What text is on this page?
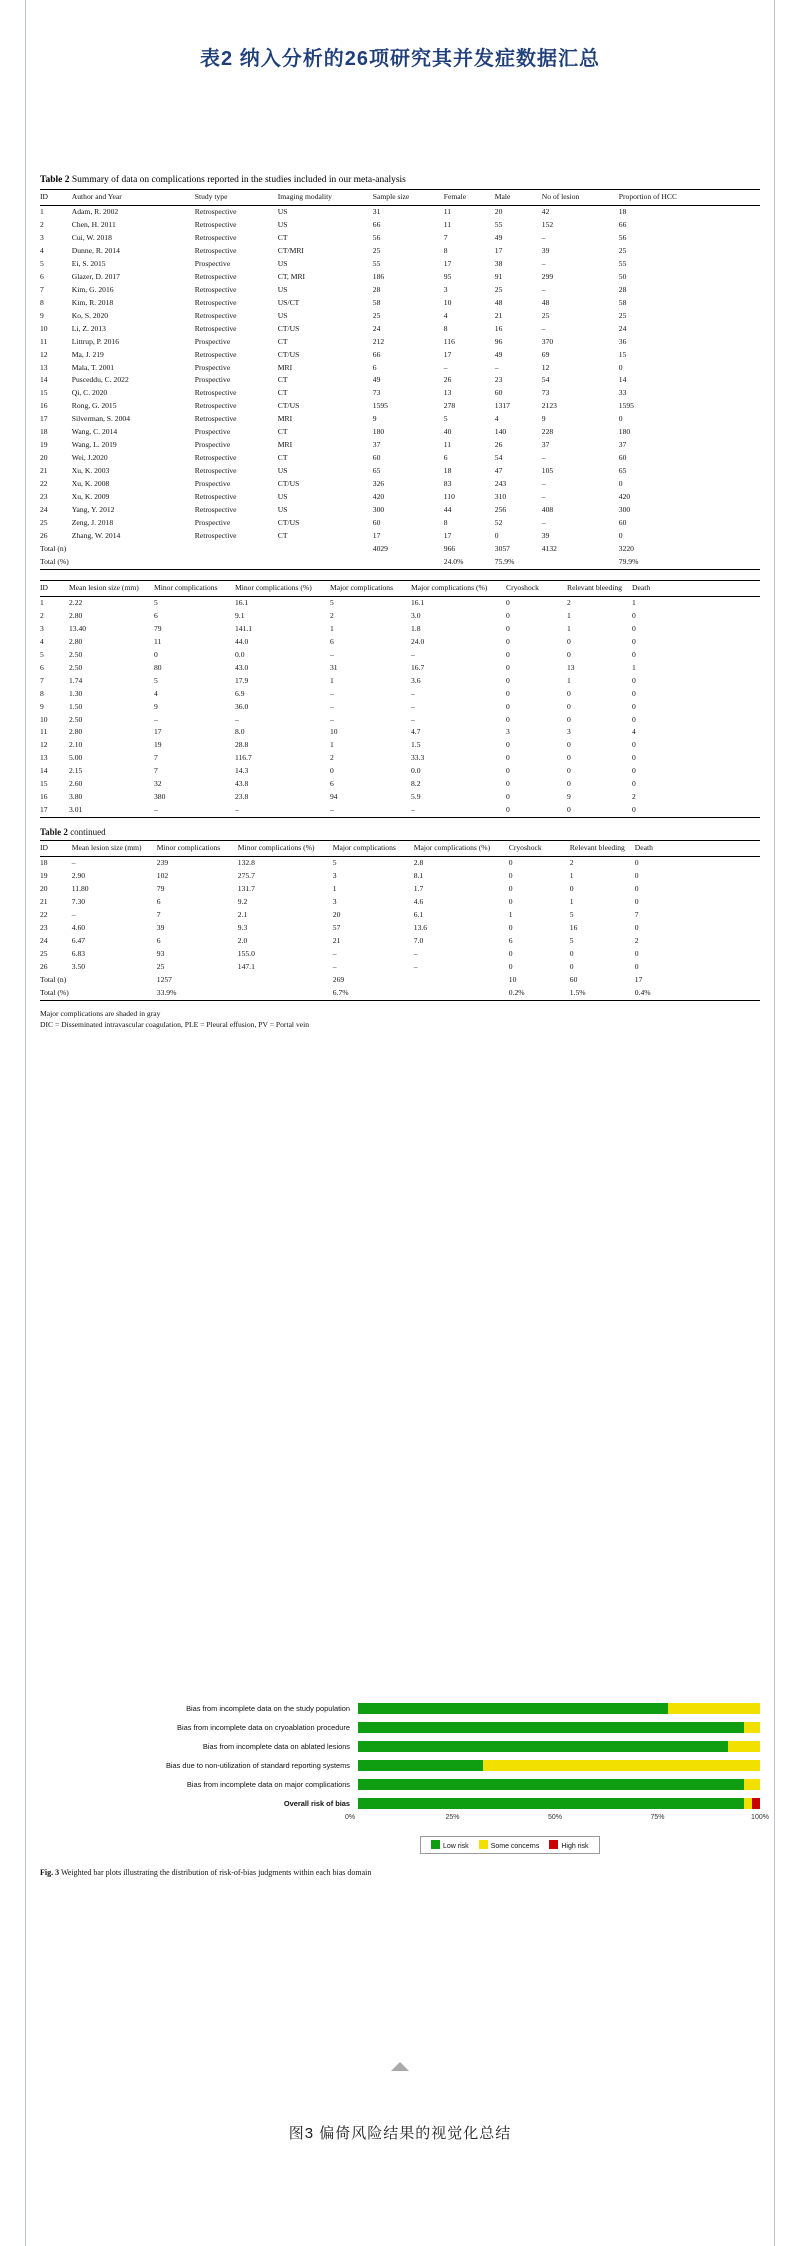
表2 纳入分析的26项研究其并发症数据汇总
Table 2 Summary of data on complications reported in the studies included in our meta-analysis
ID	Author and Year	Study type	Imaging modality	Sample size	Female	Male	No of lesion	Proportion of HCC
1	Adam, R. 2002	Retrospective	US	31	11	20	42	18
2	Chen, H. 2011	Retrospective	US	66	11	55	152	66
3	Cui, W. 2018	Retrospective	CT	56	7	49	–	56
4	Dunne, R. 2014	Retrospective	CT/MRI	25	8	17	39	25
5	Ei, S. 2015	Prospective	US	55	17	38	–	55
6	Glazer, D. 2017	Retrospective	CT, MRI	186	95	91	299	50
7	Kim, G. 2016	Retrospective	US	28	3	25	–	28
8	Kim, R. 2018	Retrospective	US/CT	58	10	48	48	58
9	Ko, S. 2020	Retrospective	US	25	4	21	25	25
10	Li, Z. 2013	Retrospective	CT/US	24	8	16	–	24
11	Littrup, P. 2016	Prospective	CT	212	116	96	370	36
12	Ma, J. 219	Retrospective	CT/US	66	17	49	69	15
13	Mala, T. 2001	Prospective	MRI	6	–	–	12	0
14	Pusceddu, C. 2022	Prospective	CT	49	26	23	54	14
15	Qi, C. 2020	Retrospective	CT	73	13	60	73	33
16	Rong, G. 2015	Retrospective	CT/US	1595	278	1317	2123	1595
17	Silverman, S. 2004	Retrospective	MRI	9	5	4	9	0
18	Wang, C. 2014	Prospective	CT	180	40	140	228	180
19	Wang, L. 2019	Prospective	MRI	37	11	26	37	37
20	Wei, J.2020	Retrospective	CT	60	6	54	–	60
21	Xu, K. 2003	Retrospective	US	65	18	47	105	65
22	Xu, K. 2008	Prospective	CT/US	326	83	243	–	0
23	Xu, K. 2009	Retrospective	US	420	110	310	–	420
24	Yang, Y. 2012	Retrospective	US	300	44	256	408	300
25	Zeng, J. 2018	Prospective	CT/US	60	8	52	–	60
26	Zhang, W. 2014	Retrospective	CT	17	17	0	39	0
Total (n)				4029	966	3057	4132	3220
Total (%)					24.0%	75.9%		79.9%
ID	Mean lesion size (mm)	Minor complications	Minor complications (%)	Major complications	Major complications (%)	Cryoshock	Relevant bleeding	Death
1	2.22	5	16.1	5	16.1	0	2	1
2	2.80	6	9.1	2	3.0	0	1	0
3	13.40	79	141.1	1	1.8	0	1	0
4	2.80	11	44.0	6	24.0	0	0	0
5	2.50	0	0.0	–	–	0	0	0
6	2.50	80	43.0	31	16.7	0	13	1
7	1.74	5	17.9	1	3.6	0	1	0
8	1.30	4	6.9	–	–	0	0	0
9	1.50	9	36.0	–	–	0	0	0
10	2.50	–	–	–	–	0	0	0
11	2.80	17	8.0	10	4.7	3	3	4
12	2.10	19	28.8	1	1.5	0	0	0
13	5.00	7	116.7	2	33.3	0	0	0
14	2.15	7	14.3	0	0.0	0	0	0
15	2.60	32	43.8	6	8.2	0	0	0
16	3.80	380	23.8	94	5.9	0	9	2
17	3.01	–	–	–	–	0	0	0
Table 2 continued
ID	Mean lesion size (mm)	Minor complications	Minor complications (%)	Major complications	Major complications (%)	Cryoshock	Relevant bleeding	Death
18	–	239	132.8	5	2.8	0	2	0
19	2.90	102	275.7	3	8.1	0	1	0
20	11.80	79	131.7	1	1.7	0	0	0
21	7.30	6	9.2	3	4.6	0	1	0
22	–	7	2.1	20	6.1	1	5	7
23	4.60	39	9.3	57	13.6	0	16	0
24	6.47	6	2.0	21	7.0	6	5	2
25	6.83	93	155.0	–	–	0	0	0
26	3.50	25	147.1	–	–	0	0	0
Total (n)		1257		269		10	60	17
Total (%)		33.9%		6.7%		0.2%	1.5%	0.4%
Major complications are shaded in gray
DIC = Disseminated intravascular coagulation, PLE = Pleural effusion, PV = Portal vein
Bias from incomplete data on the study population
Bias from incomplete data on cryoablation procedure
Bias from incomplete data on ablated lesions
Bias due to non-utilization of standard reporting systems
Bias from incomplete data on major complications
Overall risk of bias
0%	25%	50%	75%	100%
Low risk	Some concerns	High risk
Fig. 3 Weighted bar plots illustrating the distribution of risk-of-bias judgments within each bias domain
图3 偏倚风险结果的视觉化总结
